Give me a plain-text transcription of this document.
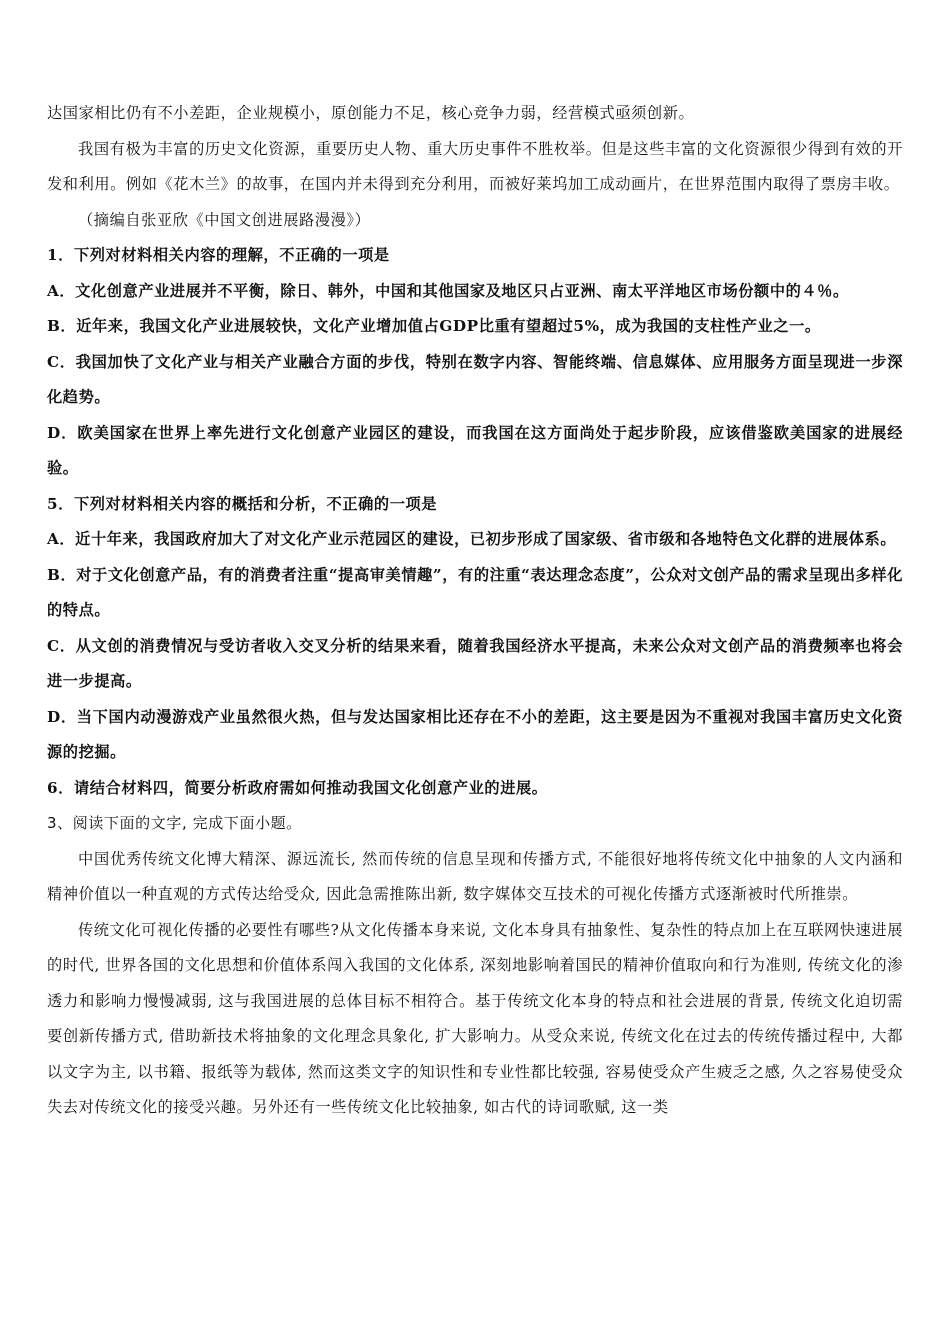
达国家相比仍有不小差距，企业规模小，原创能力不足，核心竞争力弱，经营模式亟须创新。

我国有极为丰富的历史文化资源，重要历史人物、重大历史事件不胜枚举。但是这些丰富的文化资源很少得到有效的开发和利用。例如《花木兰》的故事，在国内并未得到充分利用，而被好莱坞加工成动画片，在世界范围内取得了票房丰收。

（摘编自张亚欣《中国文创进展路漫漫》）

1．下列对材料相关内容的理解，不正确的一项是

A．文化创意产业进展并不平衡，除日、韩外，中国和其他国家及地区只占亚洲、南太平洋地区市场份额中的４％。

B．近年来，我国文化产业进展较快，文化产业增加值占GDP比重有望超过5%，成为我国的支柱性产业之一。

C．我国加快了文化产业与相关产业融合方面的步伐，特别在数字内容、智能终端、信息媒体、应用服务方面呈现进一步深化趋势。

D．欧美国家在世界上率先进行文化创意产业园区的建设，而我国在这方面尚处于起步阶段，应该借鉴欧美国家的进展经验。

5．下列对材料相关内容的概括和分析，不正确的一项是

A．近十年来，我国政府加大了对文化产业示范园区的建设，已初步形成了国家级、省市级和各地特色文化群的进展体系。

B．对于文化创意产品，有的消费者注重“提高审美情趣”，有的注重“表达理念态度”，公众对文创产品的需求呈现出多样化的特点。

C．从文创的消费情况与受访者收入交叉分析的结果来看，随着我国经济水平提高，未来公众对文创产品的消费频率也将会进一步提高。

D．当下国内动漫游戏产业虽然很火热，但与发达国家相比还存在不小的差距，这主要是因为不重视对我国丰富历史文化资源的挖掘。

6．请结合材料四，简要分析政府需如何推动我国文化创意产业的进展。

3、阅读下面的文字, 完成下面小题。

中国优秀传统文化博大精深、源远流长, 然而传统的信息呈现和传播方式, 不能很好地将传统文化中抽象的人文内涵和精神价值以一种直观的方式传达给受众, 因此急需推陈出新, 数字媒体交互技术的可视化传播方式逐渐被时代所推崇。

传统文化可视化传播的必要性有哪些?从文化传播本身来说, 文化本身具有抽象性、复杂性的特点加上在互联网快速进展的时代, 世界各国的文化思想和价值体系闯入我国的文化体系, 深刻地影响着国民的精神价值取向和行为准则, 传统文化的渗透力和影响力慢慢减弱, 这与我国进展的总体目标不相符合。基于传统文化本身的特点和社会进展的背景, 传统文化迫切需要创新传播方式, 借助新技术将抽象的文化理念具象化, 扩大影响力。从受众来说, 传统文化在过去的传统传播过程中, 大都以文字为主, 以书籍、报纸等为载体, 然而这类文字的知识性和专业性都比较强, 容易使受众产生疲乏之感, 久之容易使受众失去对传统文化的接受兴趣。另外还有一些传统文化比较抽象, 如古代的诗词歌赋, 这一类
